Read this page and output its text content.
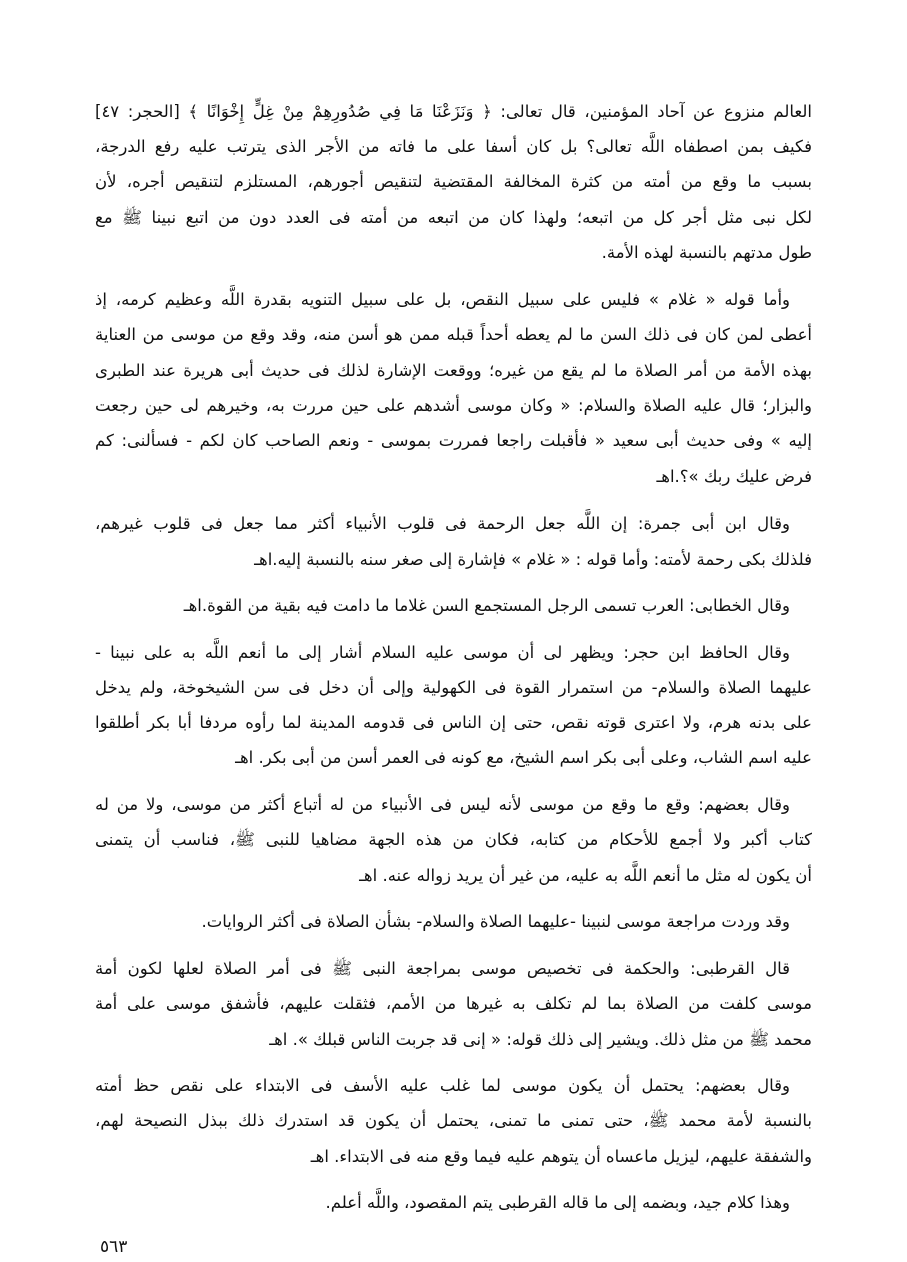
العالم منزوع عن آحاد المؤمنين، قال تعالى: ﴿ وَنَزَعْنَا مَا فِي صُدُورِهِمْ مِنْ غِلٍّ إِخْوَانًا ﴾ [الحجر: ٤٧]
فكيف بمن اصطفاه اللَّه تعالى؟ بل كان أسفا على ما فاته من الأجر الذى يترتب عليه رفع الدرجة،
بسبب ما وقع من أمته من كثرة المخالفة المقتضية لتنقيص أجورهم، المستلزم لتنقيص أجره، لأن
لكل نبى مثل أجر كل من اتبعه؛ ولهذا كان من اتبعه من أمته فى العدد دون من اتبع نبينا ﷺ مع
طول مدتهم بالنسبة لهذه الأمة.
وأما قوله « غلام » فليس على سبيل النقص، بل على سبيل التنويه بقدرة اللَّه وعظيم كرمه، إذ
أعطى لمن كان فى ذلك السن ما لم يعطه أحداً قبله ممن هو أسن منه، وقد وقع من موسى من العناية
بهذه الأمة من أمر الصلاة ما لم يقع من غيره؛ ووقعت الإشارة لذلك فى حديث أبى هريرة عند الطبرى
والبزار؛ قال عليه الصلاة والسلام: « وكان موسى أشدهم على حين مررت به، وخيرهم لى حين رجعت
إليه » وفى حديث أبى سعيد « فأقبلت راجعا فمررت بموسى - ونعم الصاحب كان لكم - فسألنى: كم
فرض عليك ربك »؟.اهـ
وقال ابن أبى جمرة: إن اللَّه جعل الرحمة فى قلوب الأنبياء أكثر مما جعل فى قلوب غيرهم،
فلذلك بكى رحمة لأمته: وأما قوله : « غلام » فإشارة إلى صغر سنه بالنسبة إليه.اهـ
وقال الخطابى: العرب تسمى الرجل المستجمع السن غلاما ما دامت فيه بقية من القوة.اهـ
وقال الحافظ ابن حجر: ويظهر لى أن موسى عليه السلام أشار إلى ما أنعم اللَّه به على نبينا -
عليهما الصلاة والسلام- من استمرار القوة فى الكهولية وإلى أن دخل فى سن الشيخوخة، ولم يدخل
على بدنه هرم، ولا اعترى قوته نقص، حتى إن الناس فى قدومه المدينة لما رأوه مردفا أبا بكر أطلقوا
عليه اسم الشاب، وعلى أبى بكر اسم الشيخ، مع كونه فى العمر أسن من أبى بكر. اهـ
وقال بعضهم: وقع ما وقع من موسى لأنه ليس فى الأنبياء من له أتباع أكثر من موسى، ولا من له
كتاب أكبر ولا أجمع للأحكام من كتابه، فكان من هذه الجهة مضاهيا للنبى ﷺ، فناسب أن يتمنى
أن يكون له مثل ما أنعم اللَّه به عليه، من غير أن يريد زواله عنه. اهـ
وقد وردت مراجعة موسى لنبينا -عليهما الصلاة والسلام- بشأن الصلاة فى أكثر الروايات.
قال القرطبى: والحكمة فى تخصيص موسى بمراجعة النبى ﷺ فى أمر الصلاة لعلها لكون أمة
موسى كلفت من الصلاة بما لم تكلف به غيرها من الأمم، فثقلت عليهم، فأشفق موسى على أمة
محمد ﷺ من مثل ذلك. ويشير إلى ذلك قوله: « إنى قد جربت الناس قبلك ». اهـ
وقال بعضهم: يحتمل أن يكون موسى لما غلب عليه الأسف فى الابتداء على نقص حظ أمته
بالنسبة لأمة محمد ﷺ، حتى تمنى ما تمنى، يحتمل أن يكون قد استدرك ذلك ببذل النصيحة لهم،
والشفقة عليهم، ليزيل ماعساه أن يتوهم عليه فيما وقع منه فى الابتداء. اهـ
وهذا كلام جيد، وبضمه إلى ما قاله القرطبى يتم المقصود، واللَّه أعلم.
٥٦٣
